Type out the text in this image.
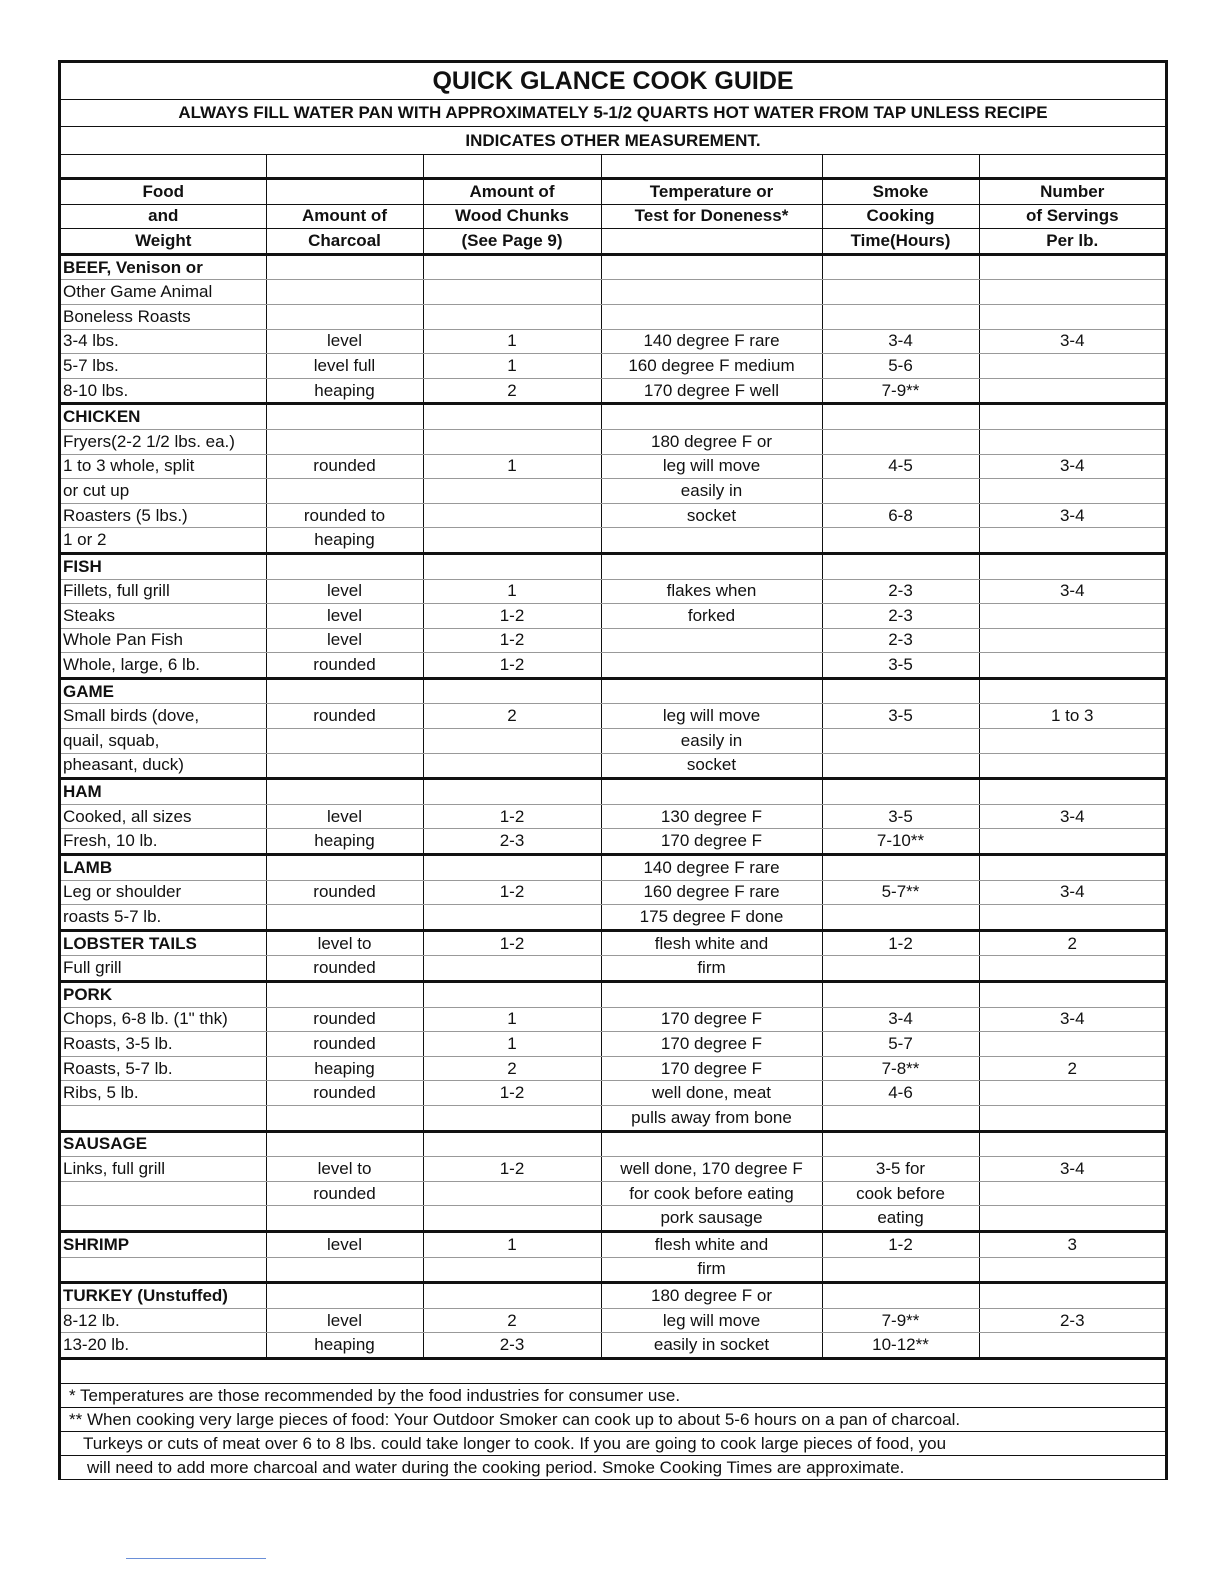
QUICK GLANCE COOK GUIDE
ALWAYS FILL WATER PAN WITH APPROXIMATELY 5-1/2 QUARTS HOT WATER FROM TAP UNLESS RECIPE
INDICATES OTHER MEASUREMENT.

Food		Amount of	Temperature or	Smoke	Number
and	Amount of	Wood Chunks	Test for Doneness*	Cooking	of Servings
Weight	Charcoal	(See Page 9)		Time(Hours)	Per lb.
BEEF, Venison or					
Other Game Animal					
Boneless Roasts					
3-4 lbs.	level	1	140 degree F rare	3-4	3-4
5-7 lbs.	level full	1	160 degree F medium	5-6	
8-10 lbs.	heaping	2	170 degree F well	7-9**	
CHICKEN					
Fryers(2-2 1/2 lbs. ea.)			180 degree F or		
1 to 3 whole, split	rounded	1	leg will move	4-5	3-4
or cut up			easily in		
Roasters (5 lbs.)	rounded to		socket	6-8	3-4
1 or 2	heaping				
FISH					
Fillets, full grill	level	1	flakes when	2-3	3-4
Steaks	level	1-2	forked	2-3	
Whole Pan Fish	level	1-2		2-3	
Whole, large, 6 lb.	rounded	1-2		3-5	
GAME					
Small birds (dove,	rounded	2	leg will move	3-5	1 to 3
quail, squab,			easily in		
pheasant, duck)			socket		
HAM					
Cooked, all sizes	level	1-2	130 degree F	3-5	3-4
Fresh, 10 lb.	heaping	2-3	170 degree F	7-10**	
LAMB			140 degree F rare		
Leg or shoulder	rounded	1-2	160 degree F rare	5-7**	3-4
roasts 5-7 lb.			175 degree F done		
LOBSTER TAILS	level to	1-2	flesh white and	1-2	2
Full grill	rounded		firm		
PORK					
Chops, 6-8 lb. (1" thk)	rounded	1	170 degree F	3-4	3-4
Roasts, 3-5 lb.	rounded	1	170 degree F	5-7	
Roasts, 5-7 lb.	heaping	2	170 degree F	7-8**	2
Ribs, 5 lb.	rounded	1-2	well done, meat	4-6	
			pulls away from bone		
SAUSAGE					
Links, full grill	level to	1-2	well done, 170 degree F	3-5 for	3-4
	rounded		for cook before eating	cook before	
			pork sausage	eating	
SHRIMP	level	1	flesh white and	1-2	3
			firm		
TURKEY (Unstuffed)			180 degree F or		
8-12 lb.	level	2	leg will move	7-9**	2-3
13-20 lb.	heaping	2-3	easily in socket	10-12**	

* Temperatures are those recommended by the food industries for consumer use.
** When cooking very large pieces of food: Your Outdoor Smoker can cook up to about 5-6 hours on a pan of charcoal.
Turkeys or cuts of meat over 6 to 8 lbs. could take longer to cook. If you are going to cook large pieces of food, you
will need to add more charcoal and water during the cooking period. Smoke Cooking Times are approximate.
